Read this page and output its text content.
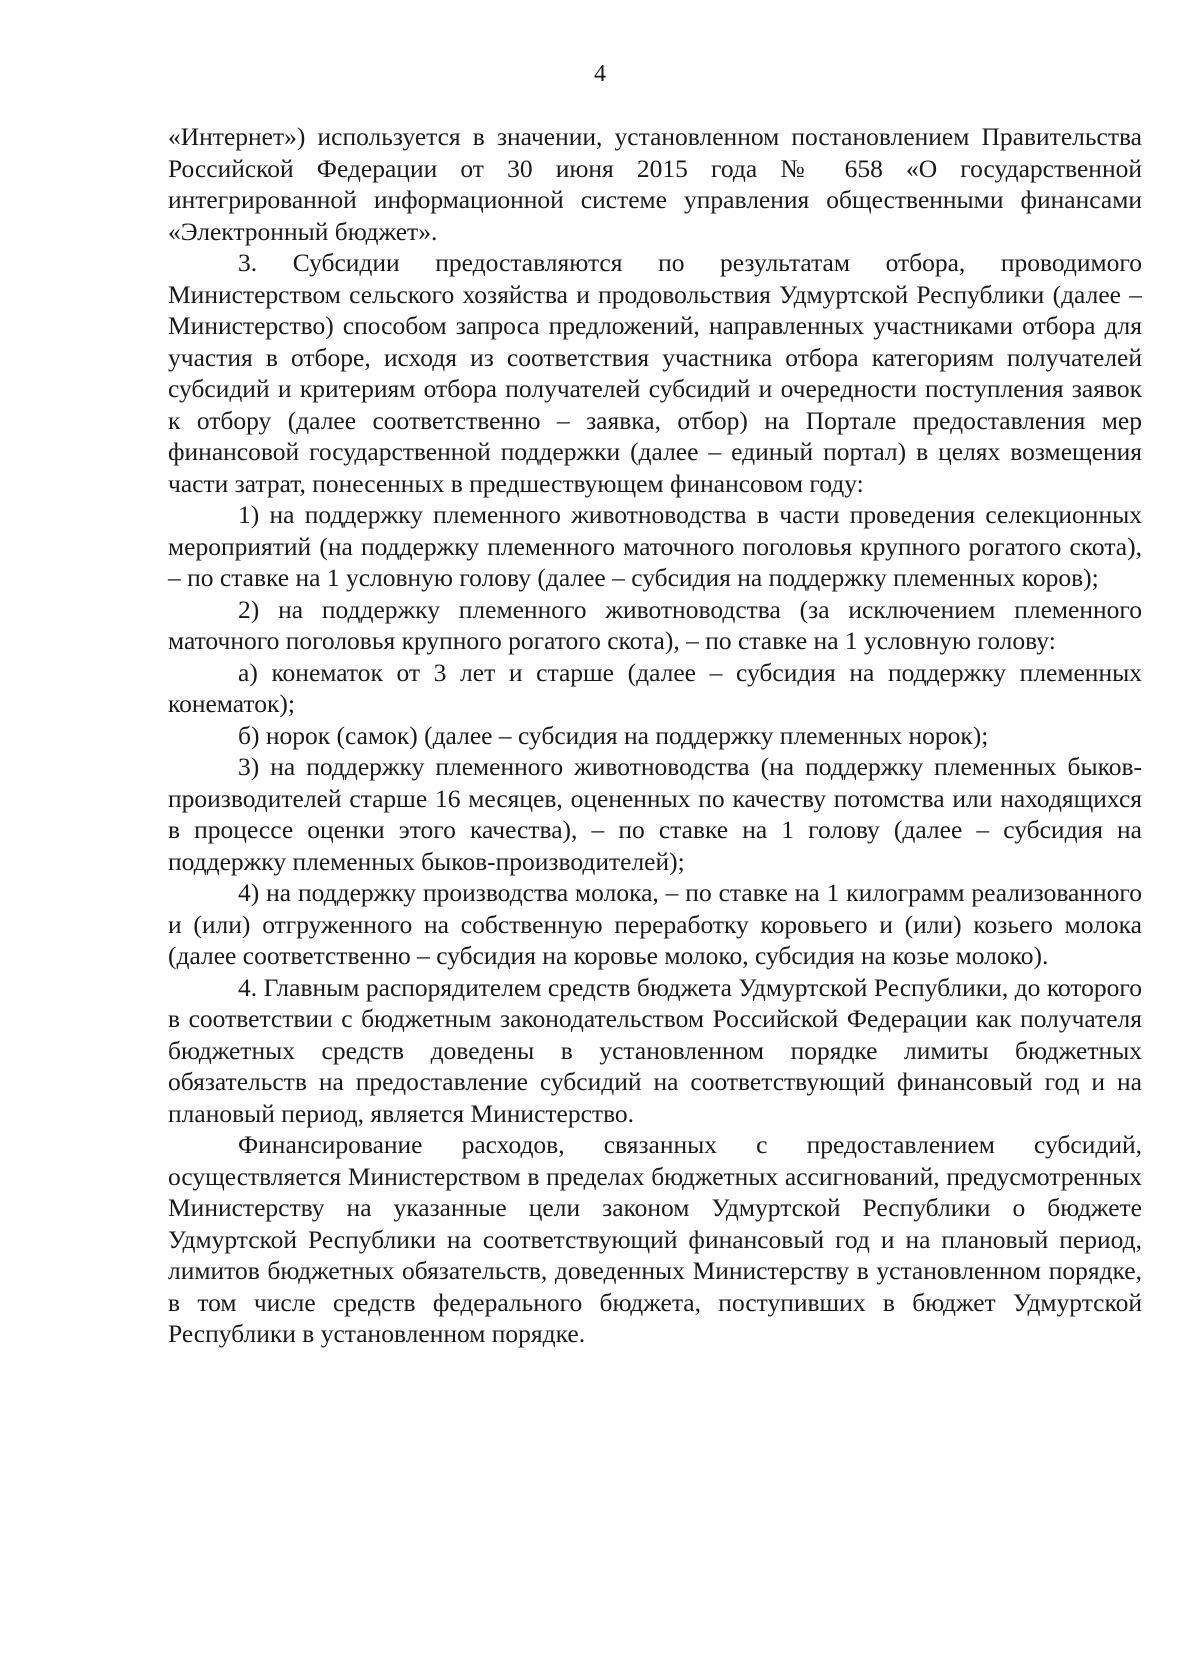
4

«Интернет») используется в значении, установленном постановлением Правительства Российской Федерации от 30 июня 2015 года № 658 «О государственной интегрированной информационной системе управления общественными финансами «Электронный бюджет».

3. Субсидии предоставляются по результатам отбора, проводимого Министерством сельского хозяйства и продовольствия Удмуртской Республики (далее – Министерство) способом запроса предложений, направленных участниками отбора для участия в отборе, исходя из соответствия участника отбора категориям получателей субсидий и критериям отбора получателей субсидий и очередности поступления заявок к отбору (далее соответственно – заявка, отбор) на Портале предоставления мер финансовой государственной поддержки (далее – единый портал) в целях возмещения части затрат, понесенных в предшествующем финансовом году:

1) на поддержку племенного животноводства в части проведения селекционных мероприятий (на поддержку племенного маточного поголовья крупного рогатого скота), – по ставке на 1 условную голову (далее – субсидия на поддержку племенных коров);

2) на поддержку племенного животноводства (за исключением племенного маточного поголовья крупного рогатого скота), – по ставке на 1 условную голову:

а) конематок от 3 лет и старше (далее – субсидия на поддержку племенных конематок);

б) норок (самок) (далее – субсидия на поддержку племенных норок);

3) на поддержку племенного животноводства (на поддержку племенных быков-производителей старше 16 месяцев, оцененных по качеству потомства или находящихся в процессе оценки этого качества), – по ставке на 1 голову (далее – субсидия на поддержку племенных быков-производителей);

4) на поддержку производства молока, – по ставке на 1 килограмм реализованного и (или) отгруженного на собственную переработку коровьего и (или) козьего молока (далее соответственно – субсидия на коровье молоко, субсидия на козье молоко).

4. Главным распорядителем средств бюджета Удмуртской Республики, до которого в соответствии с бюджетным законодательством Российской Федерации как получателя бюджетных средств доведены в установленном порядке лимиты бюджетных обязательств на предоставление субсидий на соответствующий финансовый год и на плановый период, является Министерство.

Финансирование расходов, связанных с предоставлением субсидий, осуществляется Министерством в пределах бюджетных ассигнований, предусмотренных Министерству на указанные цели законом Удмуртской Республики о бюджете Удмуртской Республики на соответствующий финансовый год и на плановый период, лимитов бюджетных обязательств, доведенных Министерству в установленном порядке, в том числе средств федерального бюджета, поступивших в бюджет Удмуртской Республики в установленном порядке.
